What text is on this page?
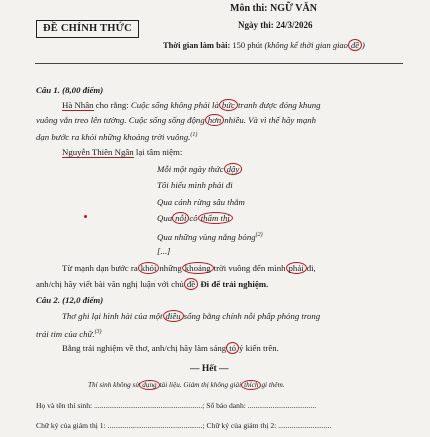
ĐỀ CHÍNH THỨC
Môn thi: NGỮ VĂN
Ngày thi: 24/3/2026
Thời gian làm bài: 150 phút (không kể thời gian giao đề )
Câu 1. (8,00 điểm)
Hà Nhân cho rằng: Cuộc sống không phải là bức tranh được đóng khung
vuông vắn treo lên tường. Cuộc sống sống động hơn nhiều. Và vì thế hãy mạnh
dạn bước ra khỏi những khoảng trời vuông.$^{(1)}$
Nguyễn Thiên Ngân lại tâm niệm:
Mỗi một ngày thức dậy
Tôi hiểu mình phải đi
Qua cánh rừng sâu thẳm
Qua nỗi cô thẩm thì
Qua những vùng nắng bỏng$^{(2)}$
[...]
Từ mạnh dạn bước ra khỏi những khoảng trời vuông đến mình phải đi,
anh/chị hãy viết bài văn nghị luận với chủ đề Đi để trải nghiệm.
Câu 2. (12,0 điểm)
Thơ ghi lại hình hài của một điều sống bằng chính nỗi phấp phỏng trong
trái tim của chữ.$^{(3)}$
Bằng trải nghiệm về thơ, anh/chị hãy làm sáng tỏ ý kiến trên.
— Hết —
Thí sinh không sử dụng tài liệu. Giám thị không giải thích gì thêm.
Họ và tên thí sinh: .........................................................; Số báo danh: ....................................
Chữ ký của giám thị 1: ..................................................; Chữ ký của giám thị 2: ............................
